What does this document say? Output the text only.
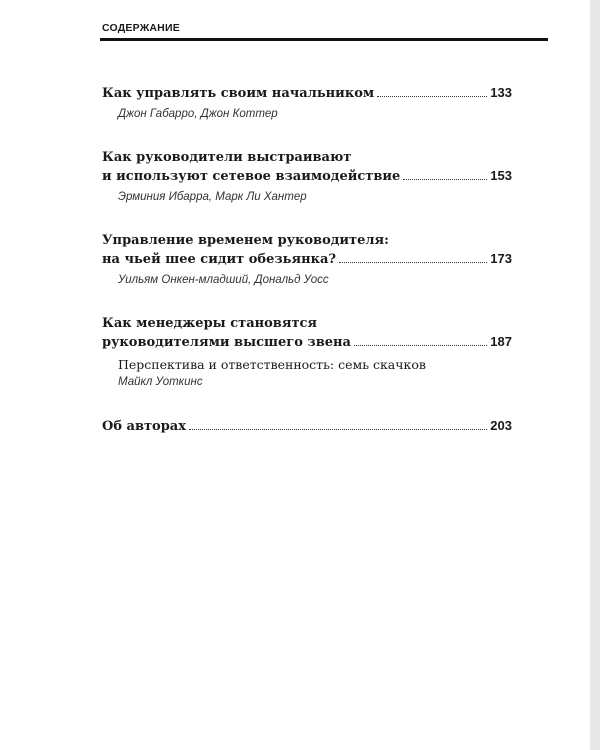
СОДЕРЖАНИЕ
Как управлять своим начальником	133
Джон Габарро, Джон Коттер
Как руководители выстраивают
и используют сетевое взаимодействие	153
Эрминия Ибарра, Марк Ли Хантер
Управление временем руководителя:
на чьей шее сидит обезьянка?	173
Уильям Онкен-младший, Дональд Уосс
Как менеджеры становятся
руководителями высшего звена	187
Перспектива и ответственность: семь скачков
Майкл Уоткинс
Об авторах	203
